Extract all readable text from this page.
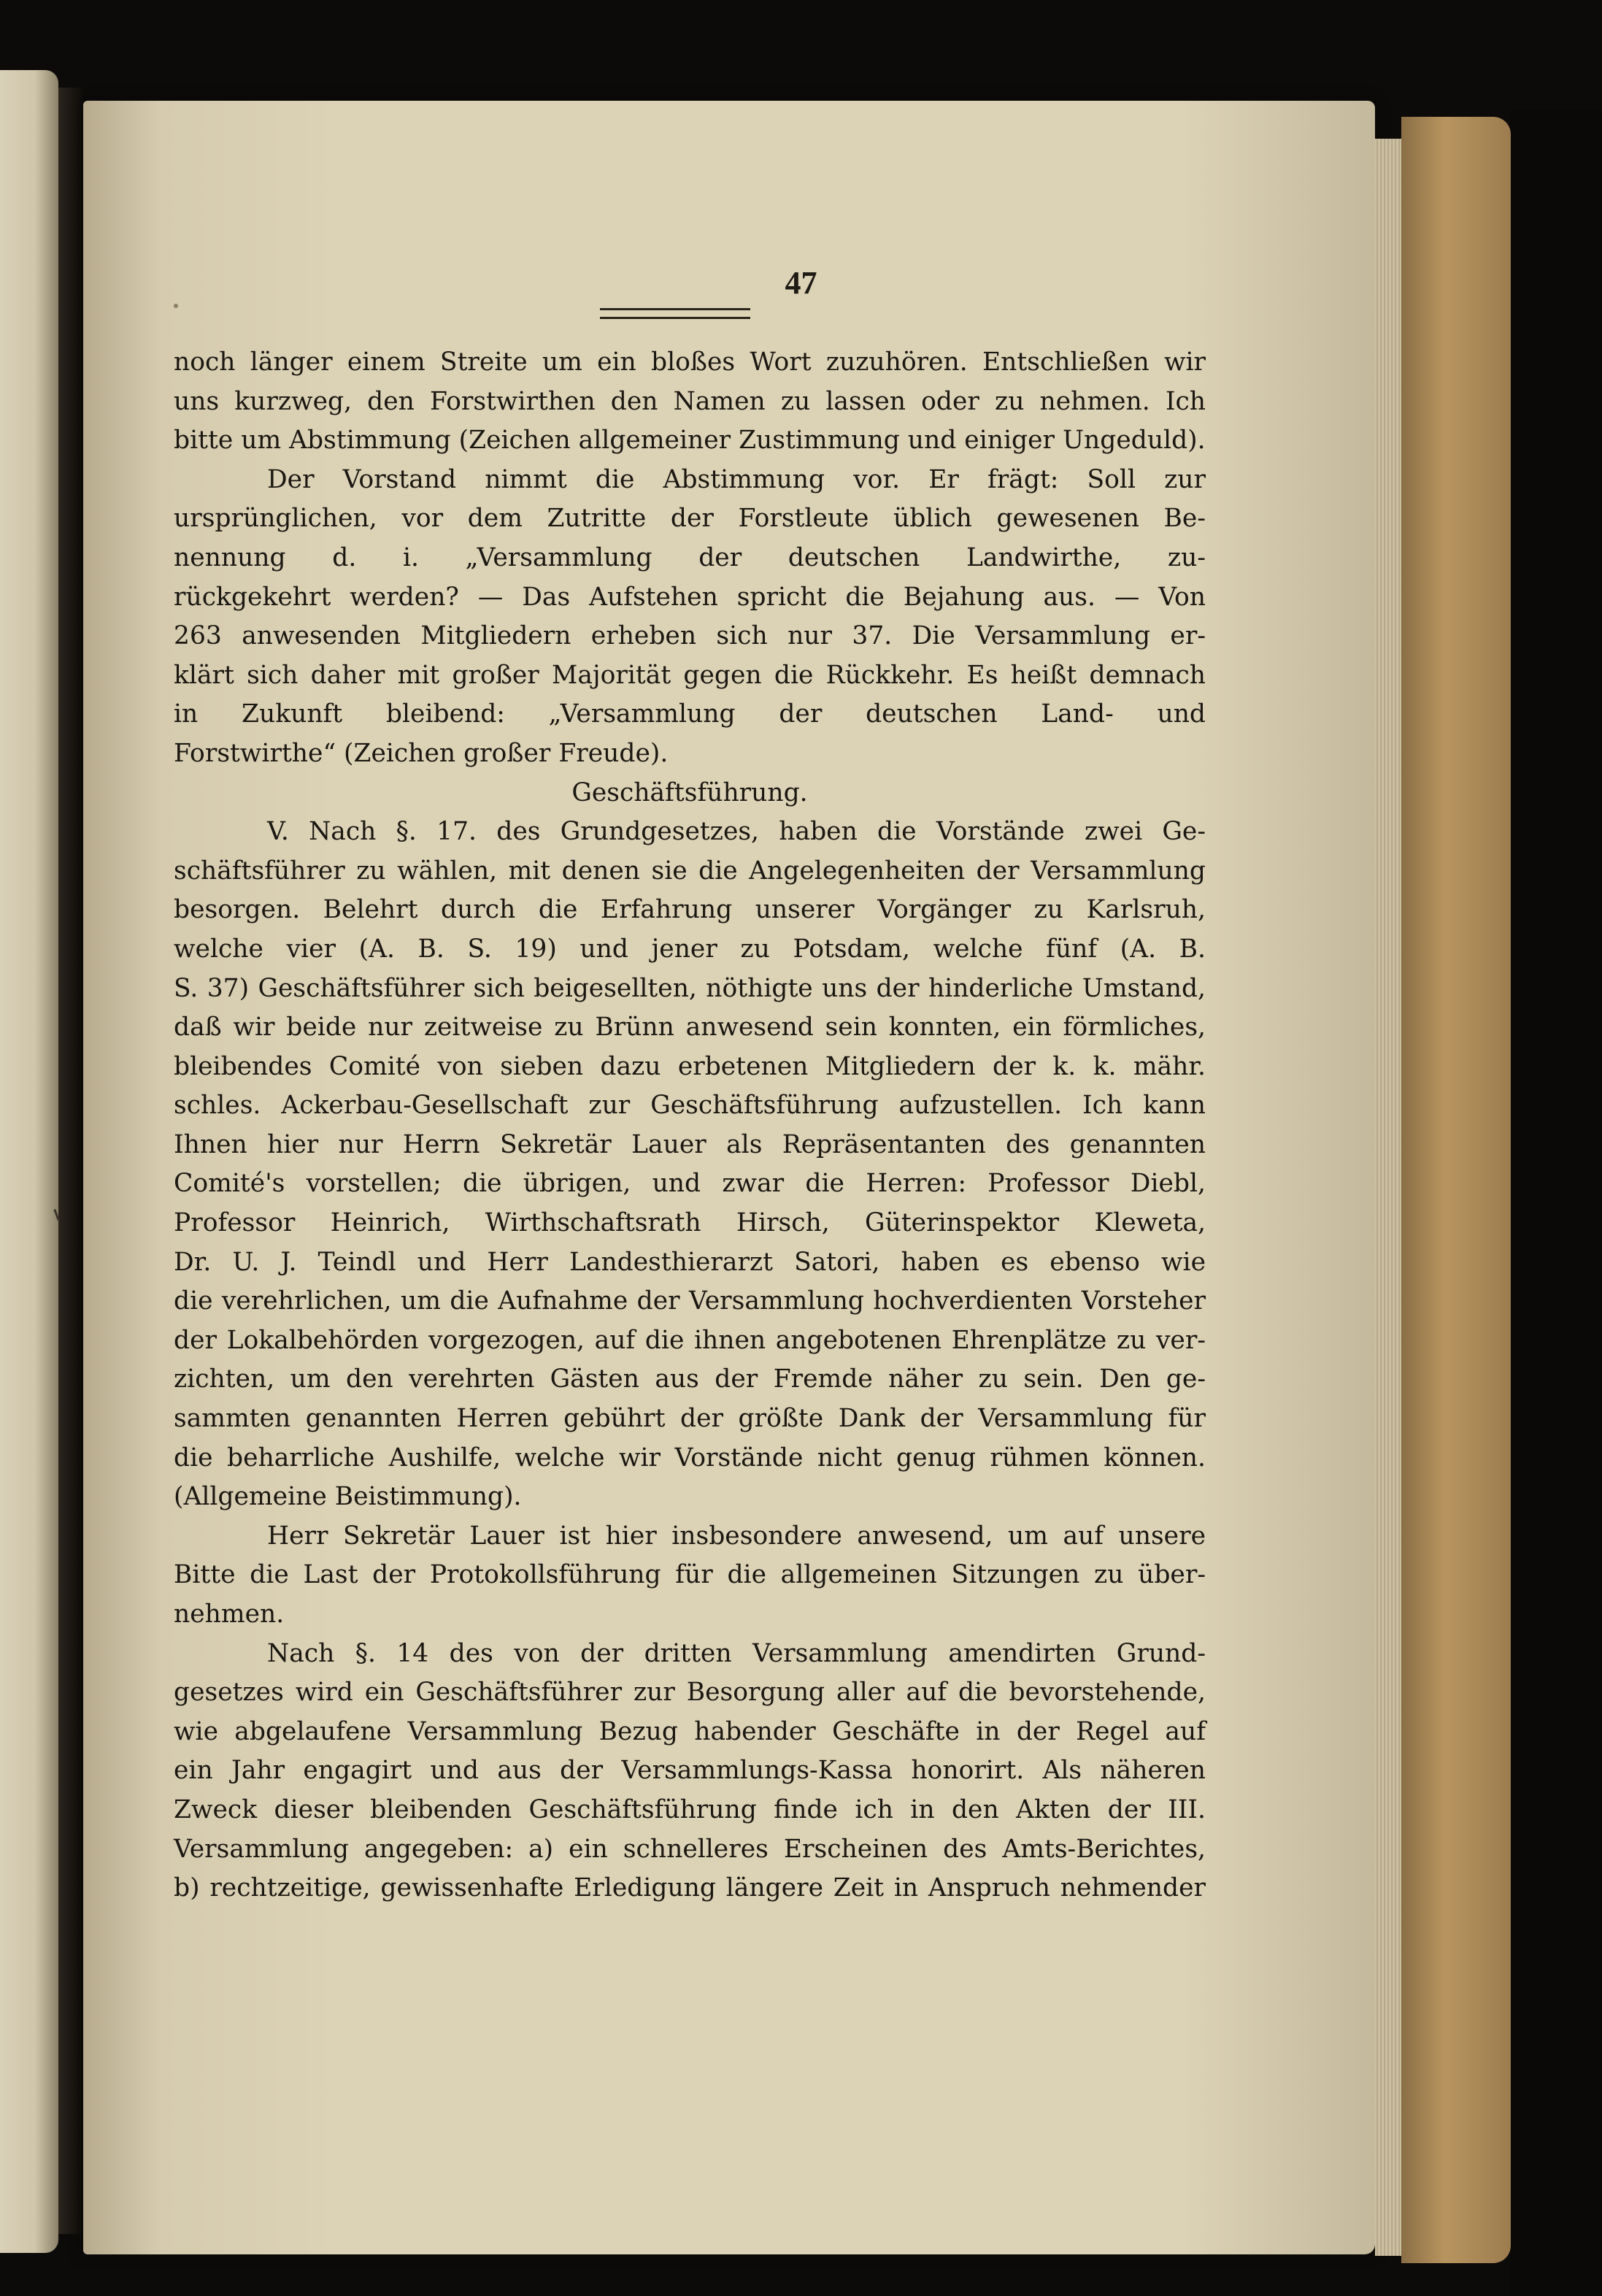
47

noch länger einem Streite um ein bloßes Wort zuzuhören. Entschließen wir

uns kurzweg, den Forstwirthen den Namen zu lassen oder zu nehmen. Ich

bitte um Abstimmung (Zeichen allgemeiner Zustimmung und einiger Ungeduld).

Der Vorstand nimmt die Abstimmung vor. Er frägt: Soll zur

ursprünglichen, vor dem Zutritte der Forstleute üblich gewesenen Be-

nennung d. i. „Versammlung der deutschen Landwirthe, zu-

rückgekehrt werden? — Das Aufstehen spricht die Bejahung aus. — Von

263 anwesenden Mitgliedern erheben sich nur 37. Die Versammlung er-

klärt sich daher mit großer Majorität gegen die Rückkehr. Es heißt demnach

in Zukunft bleibend: „Versammlung der deutschen Land- und

Forstwirthe“ (Zeichen großer Freude).

Geschäftsführung.

V. Nach §. 17. des Grundgesetzes, haben die Vorstände zwei Ge-

schäftsführer zu wählen, mit denen sie die Angelegenheiten der Versammlung

besorgen. Belehrt durch die Erfahrung unserer Vorgänger zu Karlsruh,

welche vier (A. B. S. 19) und jener zu Potsdam, welche fünf (A. B.

S. 37) Geschäftsführer sich beigesellten, nöthigte uns der hinderliche Umstand,

daß wir beide nur zeitweise zu Brünn anwesend sein konnten, ein förmliches,

bleibendes Comité von sieben dazu erbetenen Mitgliedern der k. k. mähr.

schles. Ackerbau-Gesellschaft zur Geschäftsführung aufzustellen. Ich kann

Ihnen hier nur Herrn Sekretär Lauer als Repräsentanten des genannten

Comité's vorstellen; die übrigen, und zwar die Herren: Professor Diebl,

Professor Heinrich, Wirthschaftsrath Hirsch, Güterinspektor Kleweta,

Dr. U. J. Teindl und Herr Landesthierarzt Satori, haben es ebenso wie

die verehrlichen, um die Aufnahme der Versammlung hochverdienten Vorsteher

der Lokalbehörden vorgezogen, auf die ihnen angebotenen Ehrenplätze zu ver-

zichten, um den verehrten Gästen aus der Fremde näher zu sein. Den ge-

sammten genannten Herren gebührt der größte Dank der Versammlung für

die beharrliche Aushilfe, welche wir Vorstände nicht genug rühmen können.

(Allgemeine Beistimmung).

Herr Sekretär Lauer ist hier insbesondere anwesend, um auf unsere

Bitte die Last der Protokollsführung für die allgemeinen Sitzungen zu über-

nehmen.

Nach §. 14 des von der dritten Versammlung amendirten Grund-

gesetzes wird ein Geschäftsführer zur Besorgung aller auf die bevorstehende,

wie abgelaufene Versammlung Bezug habender Geschäfte in der Regel auf

ein Jahr engagirt und aus der Versammlungs-Kassa honorirt. Als näheren

Zweck dieser bleibenden Geschäftsführung finde ich in den Akten der III.

Versammlung angegeben: a) ein schnelleres Erscheinen des Amts-Berichtes,

b) rechtzeitige, gewissenhafte Erledigung längere Zeit in Anspruch nehmender
